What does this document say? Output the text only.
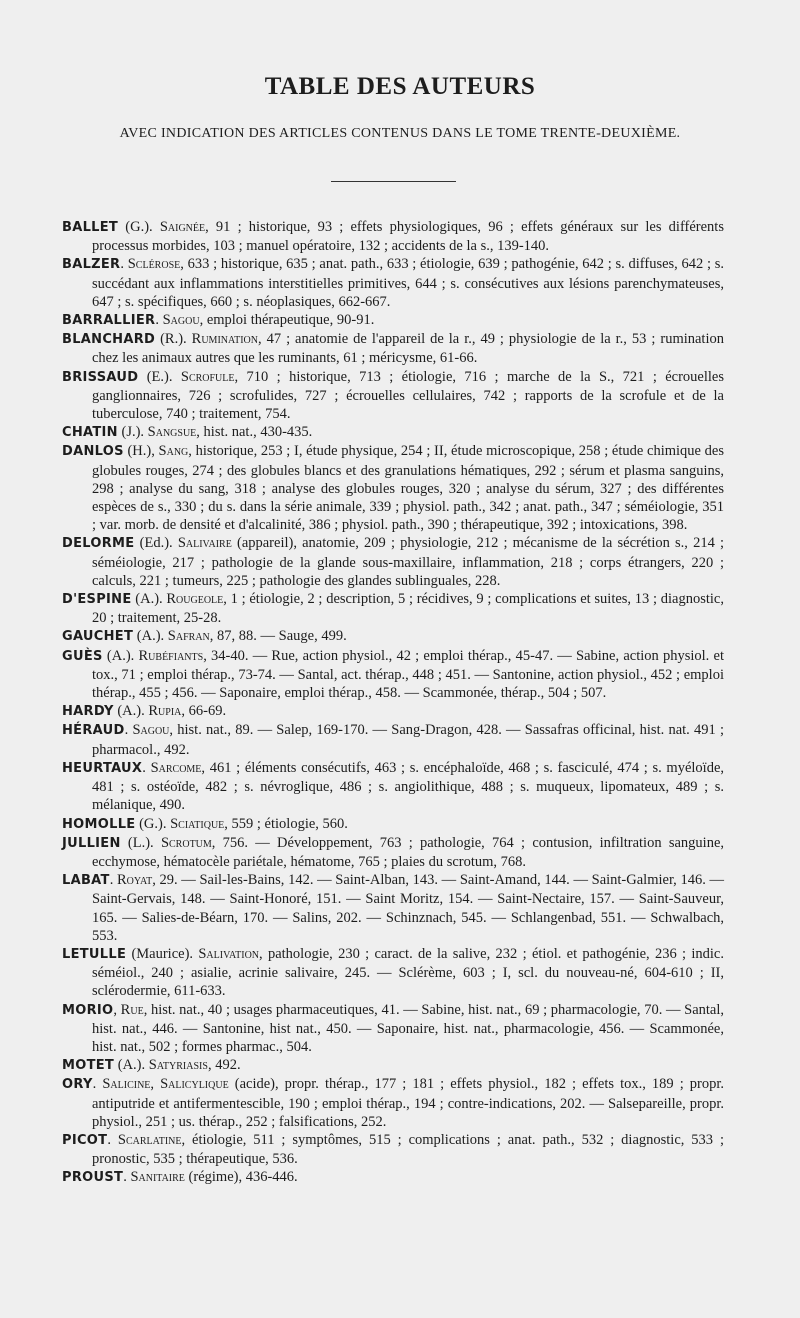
TABLE DES AUTEURS
AVEC INDICATION DES ARTICLES CONTENUS DANS LE TOME TRENTE-DEUXIÈME.

BALLET (G.). Saignée, 91 ; historique, 93 ; effets physiologiques, 96 ; effets généraux sur les différents processus morbides, 103 ; manuel opératoire, 132 ; accidents de la s., 139-140.

BALZER. Sclérose, 633 ; historique, 635 ; anat. path., 633 ; étiologie, 639 ; pathogénie, 642 ; s. diffuses, 642 ; s. succédant aux inflammations interstitielles primitives, 644 ; s. consécutives aux lésions parenchymateuses, 647 ; s. spécifiques, 660 ; s. néoplasiques, 662-667.

BARRALLIER. Sagou, emploi thérapeutique, 90-91.

BLANCHARD (R.). Rumination, 47 ; anatomie de l'appareil de la r., 49 ; physiologie de la r., 53 ; rumination chez les animaux autres que les ruminants, 61 ; méricysme, 61-66.

BRISSAUD (E.). Scrofule, 710 ; historique, 713 ; étiologie, 716 ; marche de la S., 721 ; écrouelles ganglionnaires, 726 ; scrofulides, 727 ; écrouelles cellulaires, 742 ; rapports de la scrofule et de la tuberculose, 740 ; traitement, 754.

CHATIN (J.). Sangsue, hist. nat., 430-435.

DANLOS (H.), Sang, historique, 253 ; I, étude physique, 254 ; II, étude microscopique, 258 ; étude chimique des globules rouges, 274 ; des globules blancs et des granulations hématiques, 292 ; sérum et plasma sanguins, 298 ; analyse du sang, 318 ; analyse des globules rouges, 320 ; analyse du sérum, 327 ; des différentes espèces de s., 330 ; du s. dans la série animale, 339 ; physiol. path., 342 ; anat. path., 347 ; séméiologie, 351 ; var. morb. de densité et d'alcalinité, 386 ; physiol. path., 390 ; thérapeutique, 392 ; intoxications, 398.

DELORME (Ed.). Salivaire (appareil), anatomie, 209 ; physiologie, 212 ; mécanisme de la sécrétion s., 214 ; séméiologie, 217 ; pathologie de la glande sous-maxillaire, inflammation, 218 ; corps étrangers, 220 ; calculs, 221 ; tumeurs, 225 ; pathologie des glandes sublinguales, 228.

D'ESPINE (A.). Rougeole, 1 ; étiologie, 2 ; description, 5 ; récidives, 9 ; complications et suites, 13 ; diagnostic, 20 ; traitement, 25-28.

GAUCHET (A.). Safran, 87, 88. — Sauge, 499.

GUÈS (A.). Rubéfiants, 34-40. — Rue, action physiol., 42 ; emploi thérap., 45-47. — Sabine, action physiol. et tox., 71 ; emploi thérap., 73-74. — Santal, act. thérap., 448 ; 451. — Santonine, action physiol., 452 ; emploi thérap., 455 ; 456. — Saponaire, emploi thérap., 458. — Scammonée, thérap., 504 ; 507.

HARDY (A.). Rupia, 66-69.

HÉRAUD. Sagou, hist. nat., 89. — Salep, 169-170. — Sang-Dragon, 428. — Sassafras officinal, hist. nat. 491 ; pharmacol., 492.

HEURTAUX. Sarcome, 461 ; éléments consécutifs, 463 ; s. encéphaloïde, 468 ; s. fasciculé, 474 ; s. myéloïde, 481 ; s. ostéoïde, 482 ; s. névroglique, 486 ; s. angiolithique, 488 ; s. muqueux, lipomateux, 489 ; s. mélanique, 490.

HOMOLLE (G.). Sciatique, 559 ; étiologie, 560.

JULLIEN (L.). Scrotum, 756. — Développement, 763 ; pathologie, 764 ; contusion, infiltration sanguine, ecchymose, hématocèle pariétale, hématome, 765 ; plaies du scrotum, 768.

LABAT. Royat, 29. — Sail-les-Bains, 142. — Saint-Alban, 143. — Saint-Amand, 144. — Saint-Galmier, 146. — Saint-Gervais, 148. — Saint-Honoré, 151. — Saint Moritz, 154. — Saint-Nectaire, 157. — Saint-Sauveur, 165. — Salies-de-Béarn, 170. — Salins, 202. — Schinznach, 545. — Schlangenbad, 551. — Schwalbach, 553.

LETULLE (Maurice). Salivation, pathologie, 230 ; caract. de la salive, 232 ; étiol. et pathogénie, 236 ; indic. séméiol., 240 ; asialie, acrinie salivaire, 245. — Sclérème, 603 ; I, scl. du nouveau-né, 604-610 ; II, sclérodermie, 611-633.

MORIO, Rue, hist. nat., 40 ; usages pharmaceutiques, 41. — Sabine, hist. nat., 69 ; pharmacologie, 70. — Santal, hist. nat., 446. — Santonine, hist nat., 450. — Saponaire, hist. nat., pharmacologie, 456. — Scammonée, hist. nat., 502 ; formes pharmac., 504.

MOTET (A.). Satyriasis, 492.

ORY. Salicine, Salicylique (acide), propr. thérap., 177 ; 181 ; effets physiol., 182 ; effets tox., 189 ; propr. antiputride et antifermentescible, 190 ; emploi thérap., 194 ; contre-indications, 202. — Salsepareille, propr. physiol., 251 ; us. thérap., 252 ; falsifications, 252.

PICOT. Scarlatine, étiologie, 511 ; symptômes, 515 ; complications ; anat. path., 532 ; diagnostic, 533 ; pronostic, 535 ; thérapeutique, 536.

PROUST. Sanitaire (régime), 436-446.
